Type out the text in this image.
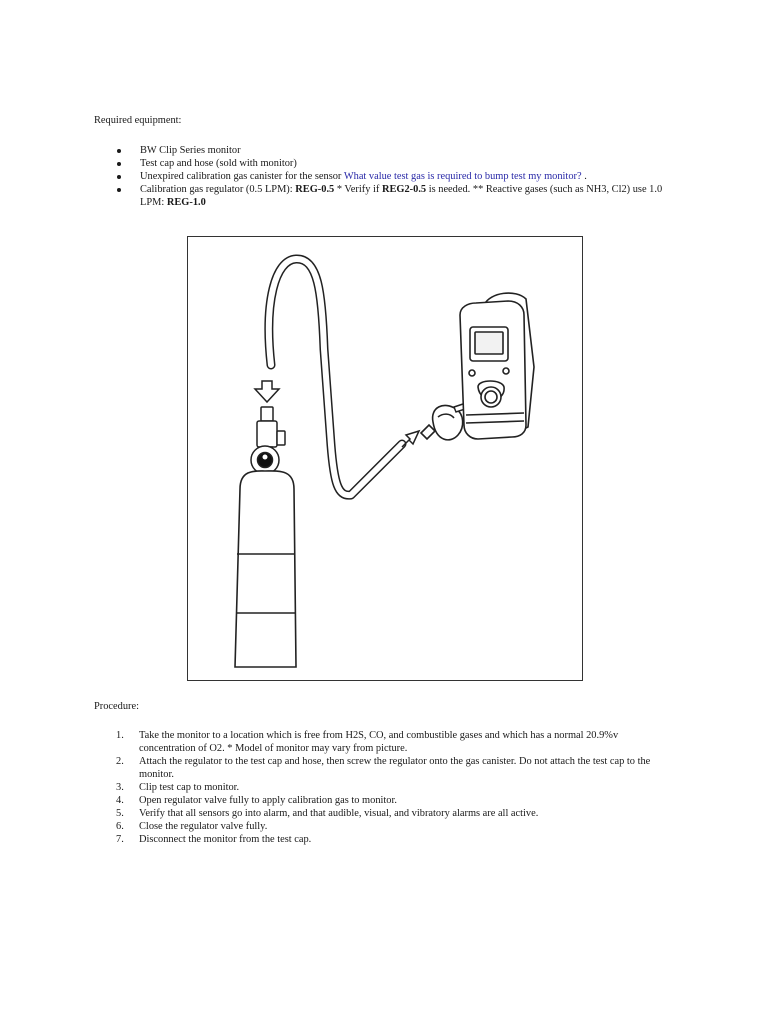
Required equipment:
BW Clip Series monitor
Test cap and hose (sold with monitor)
Unexpired calibration gas canister for the sensor What value test gas is required to bump test my monitor? .
Calibration gas regulator (0.5 LPM): REG-0.5 * Verify if REG2-0.5 is needed. ** Reactive gases (such as NH3, Cl2) use 1.0 LPM: REG-1.0
Procedure:
1. Take the monitor to a location which is free from H2S, CO, and combustible gases and which has a normal 20.9%v concentration of O2. * Model of monitor may vary from picture.
2. Attach the regulator to the test cap and hose, then screw the regulator onto the gas canister. Do not attach the test cap to the monitor.
3. Clip test cap to monitor.
4. Open regulator valve fully to apply calibration gas to monitor.
5. Verify that all sensors go into alarm, and that audible, visual, and vibratory alarms are all active.
6. Close the regulator valve fully.
7. Disconnect the monitor from the test cap.
